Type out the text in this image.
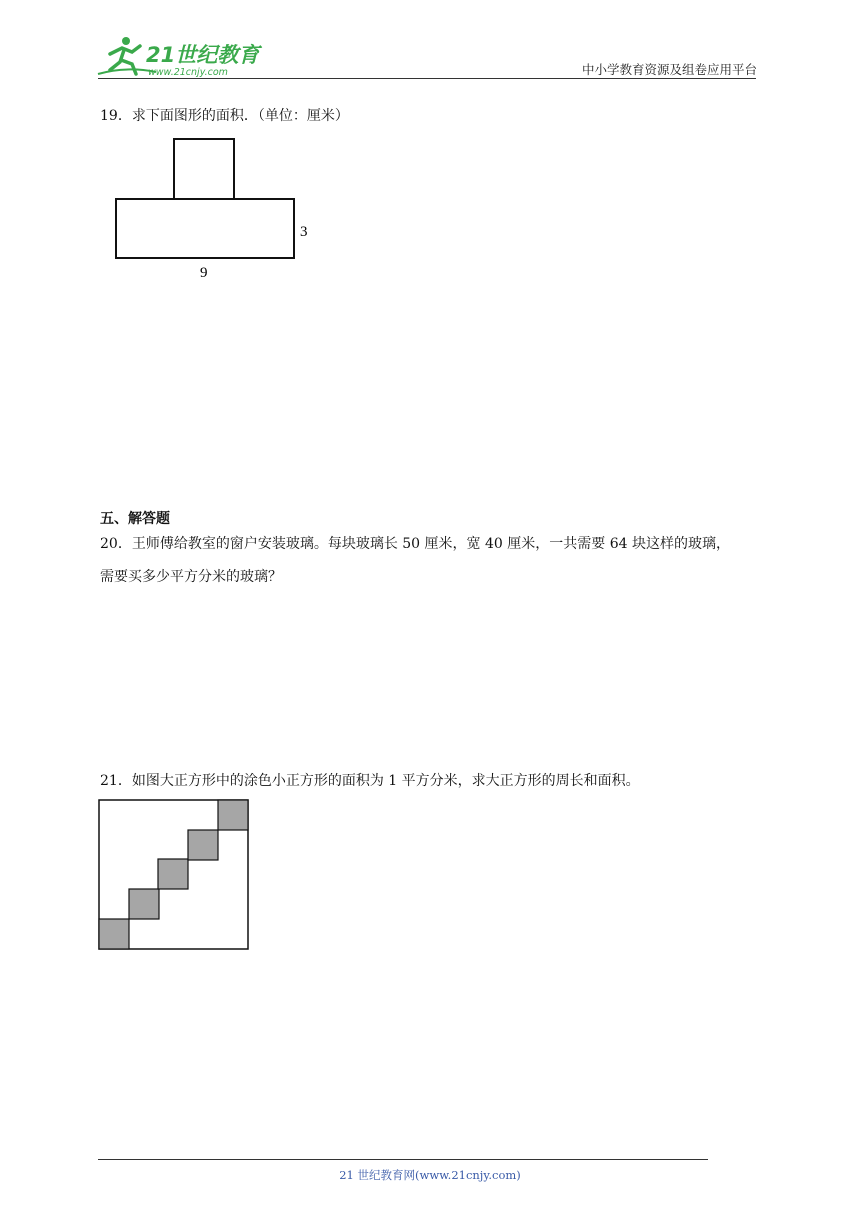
21世纪教育
www.21cnjy.com	中小学教育资源及组卷应用平台
19．求下面图形的面积．（单位：厘米）
3
9
五、解答题
20．王师傅给教室的窗户安装玻璃。每块玻璃长 50 厘米，宽 40 厘米，一共需要 64 块这样的玻璃，
需要买多少平方分米的玻璃？
21．如图大正方形中的涂色小正方形的面积为 1 平方分米，求大正方形的周长和面积。
21 世纪教育网(www.21cnjy.com)
